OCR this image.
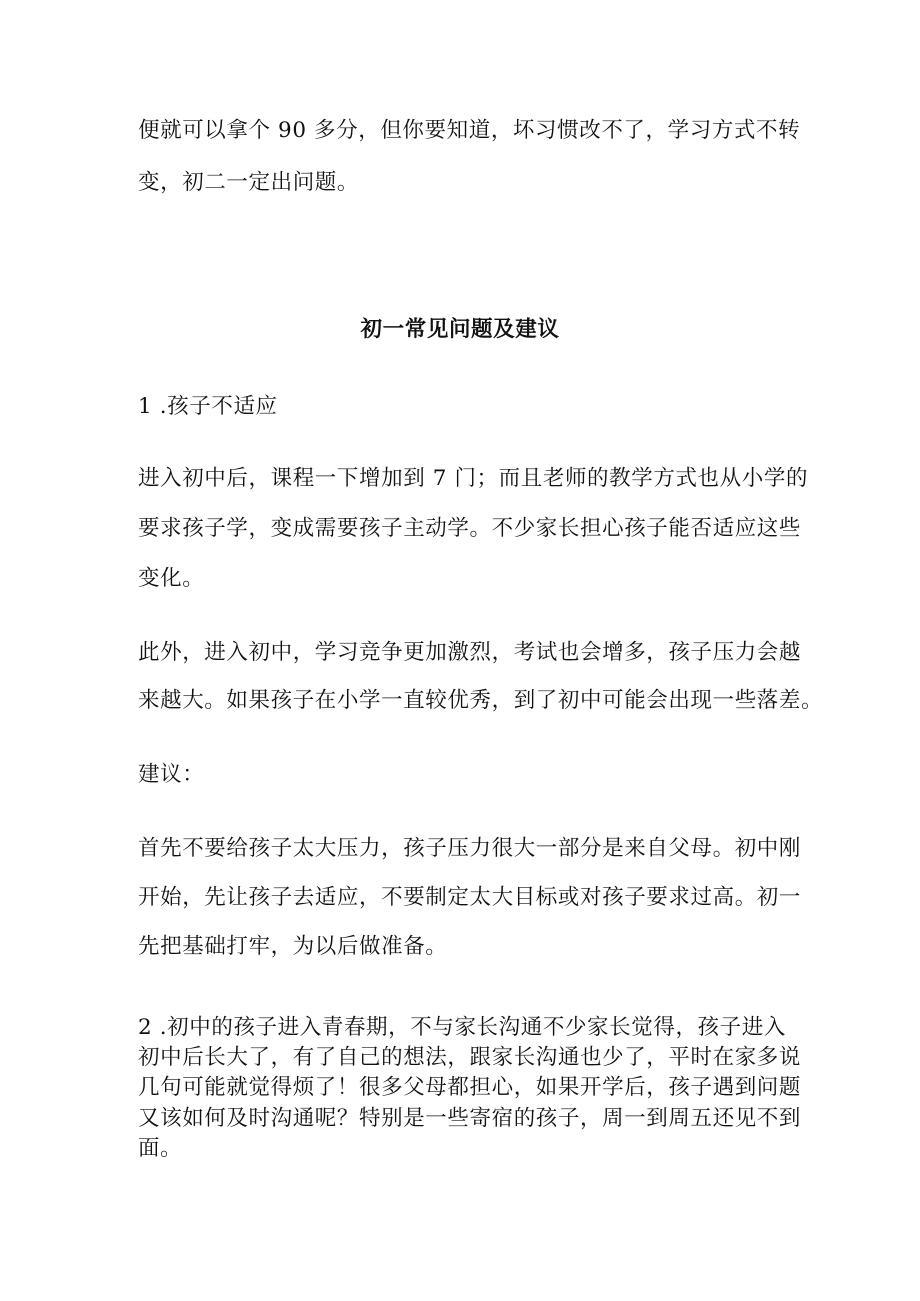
便就可以拿个 90 多分，但你要知道，坏习惯改不了，学习方式不转
变，初二一定出问题。
初一常见问题及建议
1 .孩子不适应
进入初中后，课程一下增加到 7 门；而且老师的教学方式也从小学的
要求孩子学，变成需要孩子主动学。不少家长担心孩子能否适应这些
变化。
此外，进入初中，学习竞争更加激烈，考试也会增多，孩子压力会越
来越大。如果孩子在小学一直较优秀，到了初中可能会出现一些落差。
建议：
首先不要给孩子太大压力，孩子压力很大一部分是来自父母。初中刚
开始，先让孩子去适应，不要制定太大目标或对孩子要求过高。初一
先把基础打牢，为以后做准备。
2 .初中的孩子进入青春期，不与家长沟通不少家长觉得，孩子进入
初中后长大了，有了自己的想法，跟家长沟通也少了，平时在家多说
几句可能就觉得烦了！很多父母都担心，如果开学后，孩子遇到问题
又该如何及时沟通呢？特别是一些寄宿的孩子，周一到周五还见不到
面。
